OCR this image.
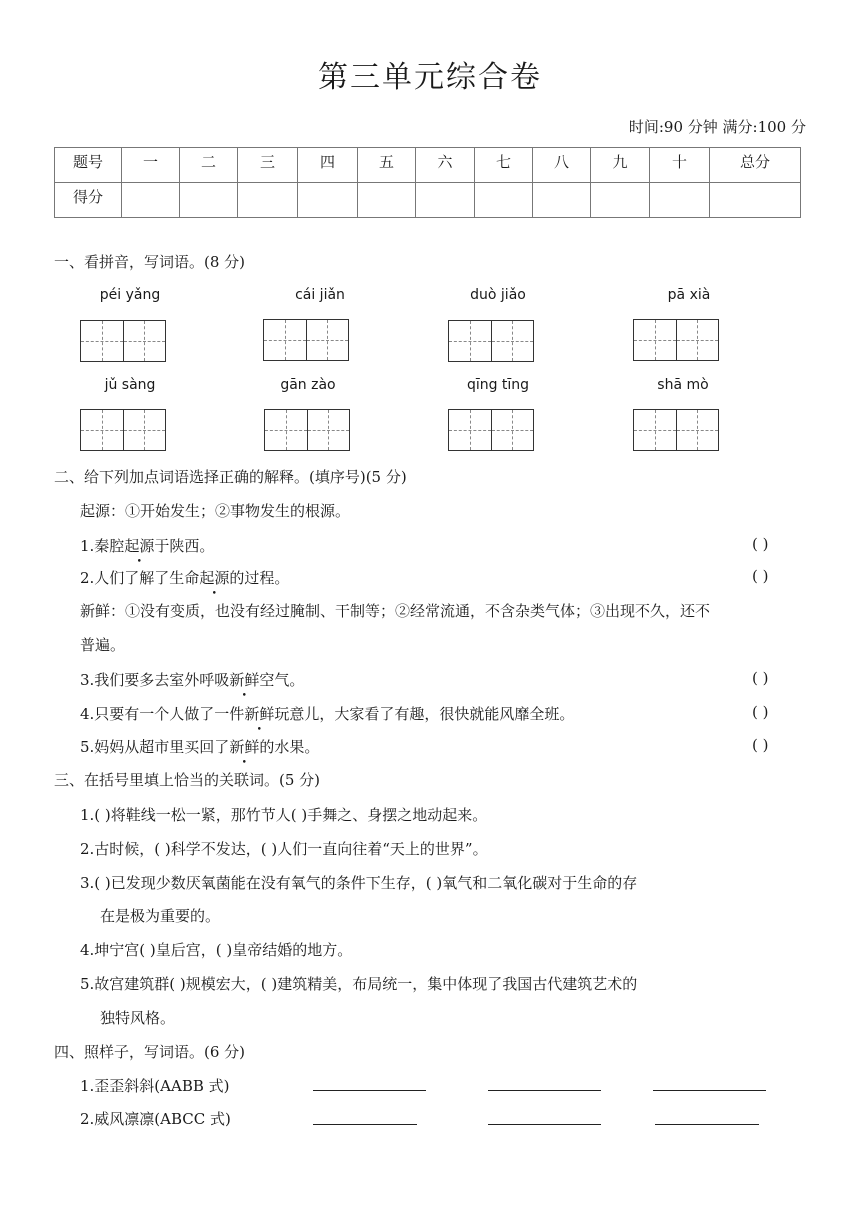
第三单元综合卷
时间:90 分钟 满分:100 分
题号	一	二	三	四	五	六	七	八	九	十	总分
得分											
一、看拼音，写词语。(8 分)
péi yǎng	cái jiǎn	duò jiǎo	pā xià
jǔ sàng	gān zào	qīng tīng	shā mò
二、给下列加点词语选择正确的解释。(填序号)(5 分)
起源：①开始发生；②事物发生的根源。
1.秦腔起源于陕西。	( )
2.人们了解了生命起源的过程。	( )
新鲜：①没有变质，也没有经过腌制、干制等；②经常流通，不含杂类气体；③出现不久，还不
普遍。
3.我们要多去室外呼吸新鲜空气。	( )
4.只要有一个人做了一件新鲜玩意儿，大家看了有趣，很快就能风靡全班。	( )
5.妈妈从超市里买回了新鲜的水果。	( )
三、在括号里填上恰当的关联词。(5 分)
1.( )将鞋线一松一紧，那竹节人( )手舞之、身摆之地动起来。
2.古时候，( )科学不发达，( )人们一直向往着“天上的世界”。
3.( )已发现少数厌氧菌能在没有氧气的条件下生存，( )氧气和二氧化碳对于生命的存
在是极为重要的。
4.坤宁宫( )皇后宫，( )皇帝结婚的地方。
5.故宫建筑群( )规模宏大，( )建筑精美，布局统一，集中体现了我国古代建筑艺术的
独特风格。
四、照样子，写词语。(6 分)
1.歪歪斜斜(AABB 式)
2.威风凛凛(ABCC 式)
